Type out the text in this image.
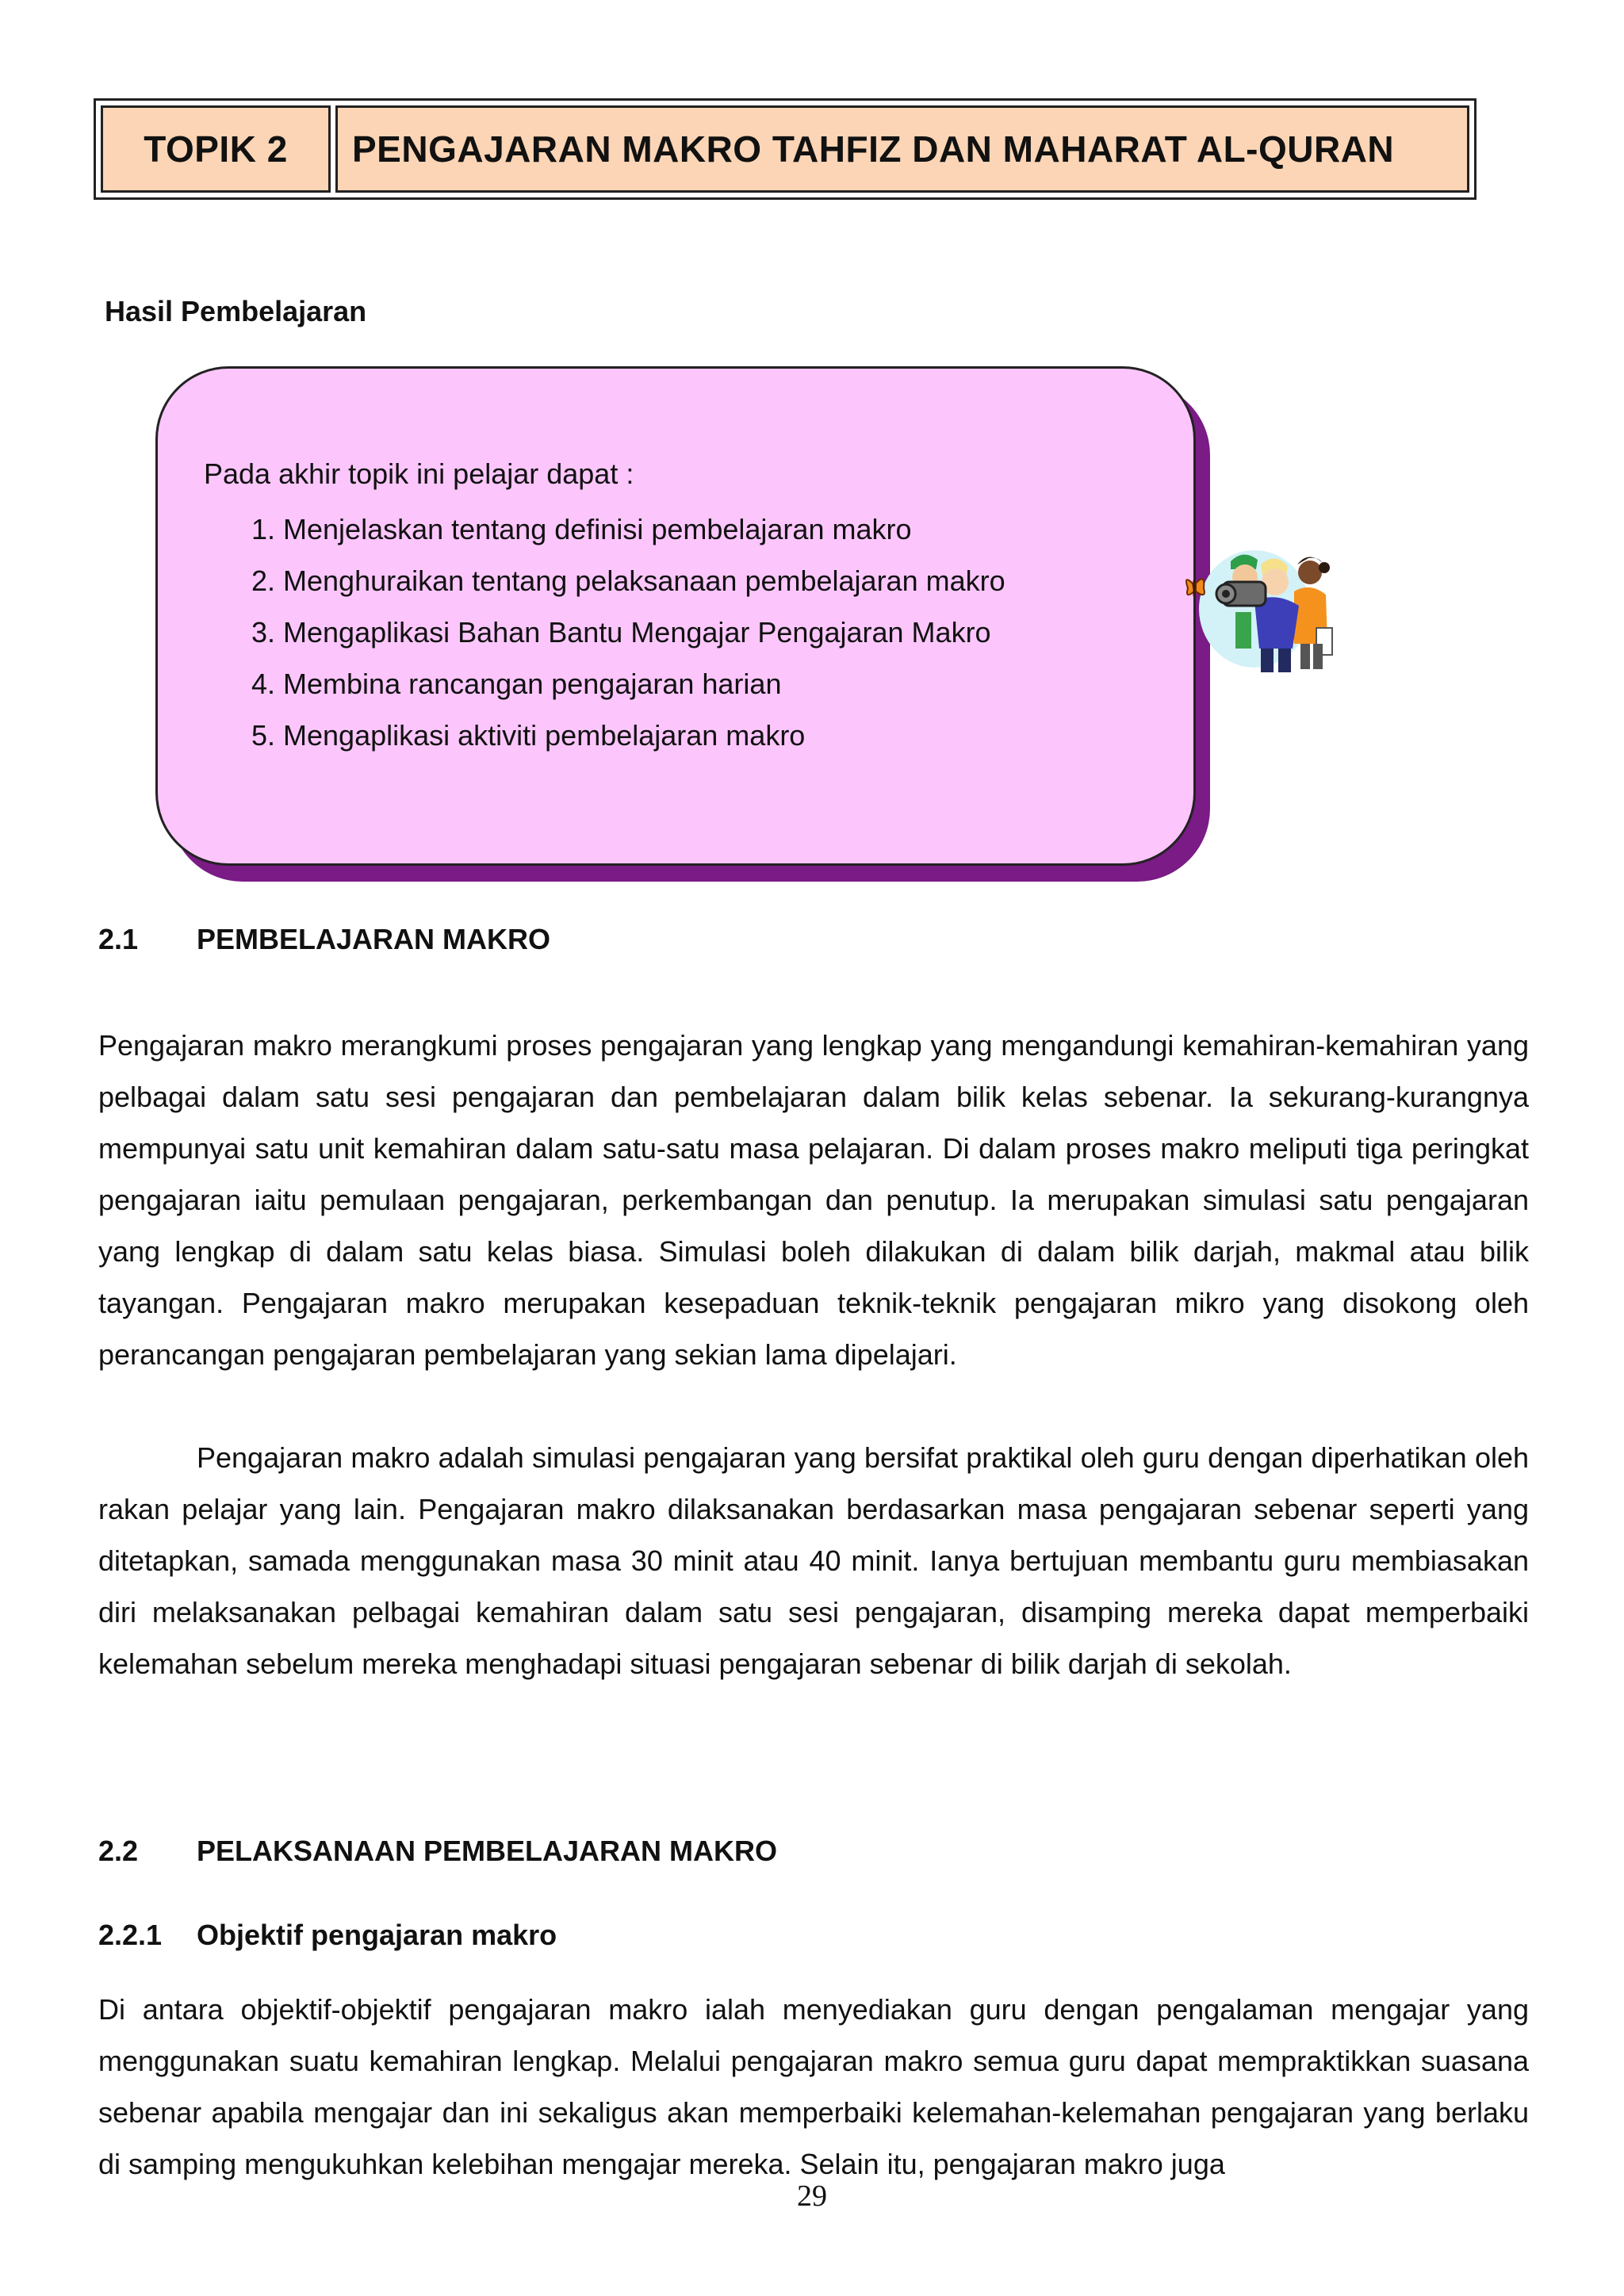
TOPIK 2	PENGAJARAN MAKRO TAHFIZ DAN MAHARAT AL-QURAN
Hasil Pembelajaran
Pada akhir topik ini pelajar dapat :
1. Menjelaskan tentang definisi pembelajaran makro
2. Menghuraikan tentang pelaksanaan pembelajaran makro
3. Mengaplikasi Bahan Bantu Mengajar Pengajaran Makro
4. Membina rancangan pengajaran harian
5. Mengaplikasi aktiviti pembelajaran makro
2.1 PEMBELAJARAN MAKRO

Pengajaran makro merangkumi proses pengajaran yang lengkap yang mengandungi kemahiran-kemahiran yang pelbagai dalam satu sesi pengajaran dan pembelajaran dalam bilik kelas sebenar. Ia sekurang-kurangnya mempunyai satu unit kemahiran dalam satu-satu masa pelajaran. Di dalam proses makro meliputi tiga peringkat pengajaran iaitu pemulaan pengajaran, perkembangan dan penutup. Ia merupakan simulasi satu pengajaran yang lengkap di dalam satu kelas biasa. Simulasi boleh dilakukan di dalam bilik darjah, makmal atau bilik tayangan. Pengajaran makro merupakan kesepaduan teknik-teknik pengajaran mikro yang disokong oleh perancangan pengajaran pembelajaran yang sekian lama dipelajari.

Pengajaran makro adalah simulasi pengajaran yang bersifat praktikal oleh guru dengan diperhatikan oleh rakan pelajar yang lain. Pengajaran makro dilaksanakan berdasarkan masa pengajaran sebenar seperti yang ditetapkan, samada menggunakan masa 30 minit atau 40 minit. Ianya bertujuan membantu guru membiasakan diri melaksanakan pelbagai kemahiran dalam satu sesi pengajaran, disamping mereka dapat memperbaiki kelemahan sebelum mereka menghadapi situasi pengajaran sebenar di bilik darjah di sekolah.

2.2 PELAKSANAAN PEMBELAJARAN MAKRO
2.2.1 Objektif pengajaran makro

Di antara objektif-objektif pengajaran makro ialah menyediakan guru dengan pengalaman mengajar yang menggunakan suatu kemahiran lengkap. Melalui pengajaran makro semua guru dapat mempraktikkan suasana sebenar apabila mengajar dan ini sekaligus akan memperbaiki kelemahan-kelemahan pengajaran yang berlaku di samping mengukuhkan kelebihan mengajar mereka. Selain itu, pengajaran makro juga

29
